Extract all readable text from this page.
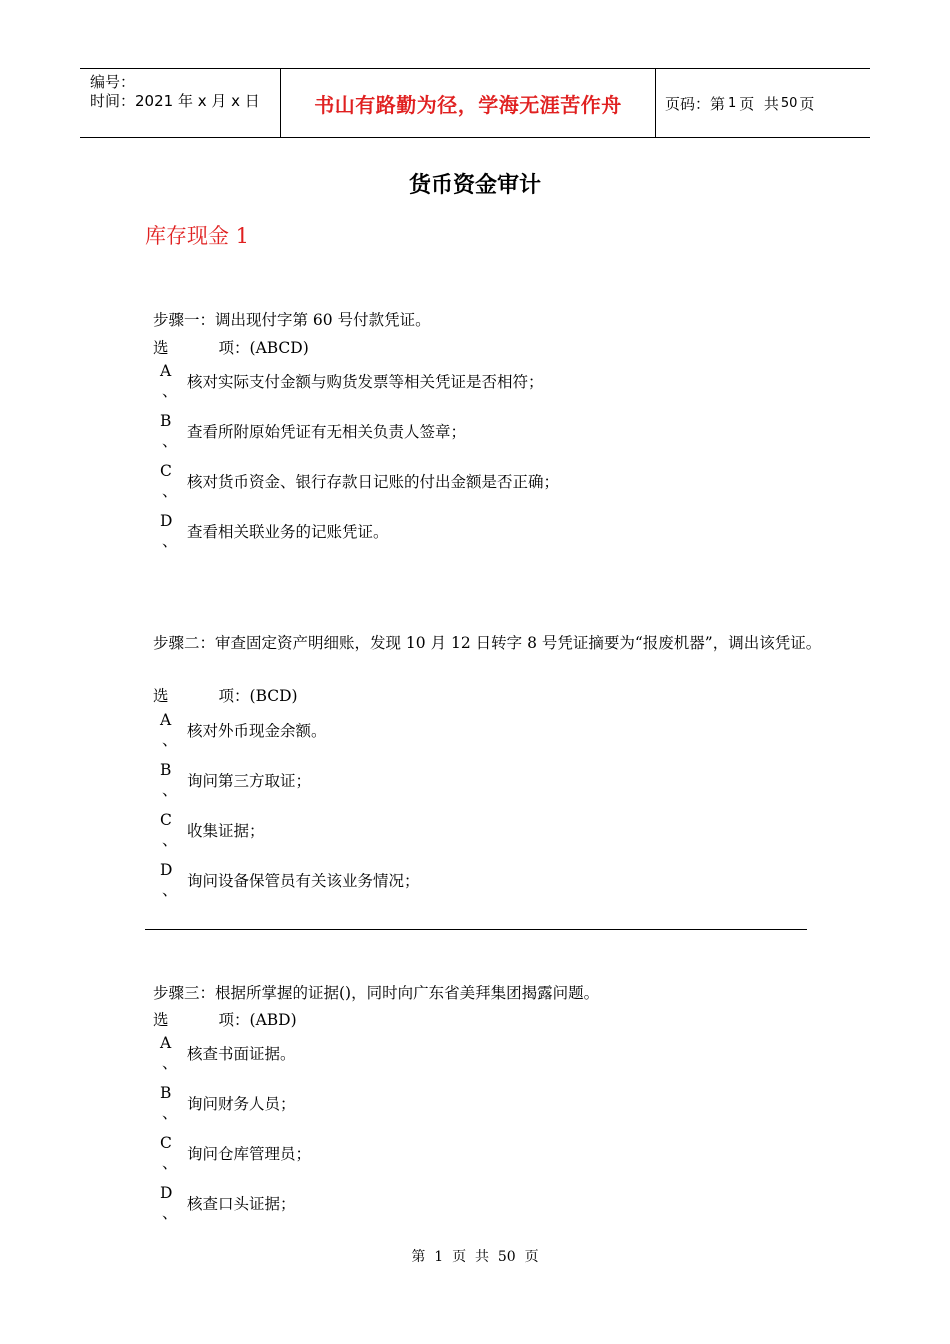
编号：
时间：2021 年 x 月 x 日	书山有路勤为径，学海无涯苦作舟	页码：第 1 页  共 50 页
货币资金审计
库存现金 1
步骤一：调出现付字第 60 号付款凭证。
选	项：(ABCD)
A
、 核对实际支付金额与购货发票等相关凭证是否相符；
B
、 查看所附原始凭证有无相关负责人签章；
C
、 核对货币资金、银行存款日记账的付出金额是否正确；
D
、 查看相关联业务的记账凭证。
步骤二：审查固定资产明细账，发现 10 月 12 日转字 8 号凭证摘要为“报废机器”，调出该凭证。
选	项：(BCD)
A
、 核对外币现金余额。
B
、 询问第三方取证；
C
、 收集证据；
D
、 询问设备保管员有关该业务情况；
步骤三：根据所掌握的证据()，同时向广东省美拜集团揭露问题。
选	项：(ABD)
A
、 核查书面证据。
B
、 询问财务人员；
C
、 询问仓库管理员；
D
、 核查口头证据；
第  1  页  共  50  页
